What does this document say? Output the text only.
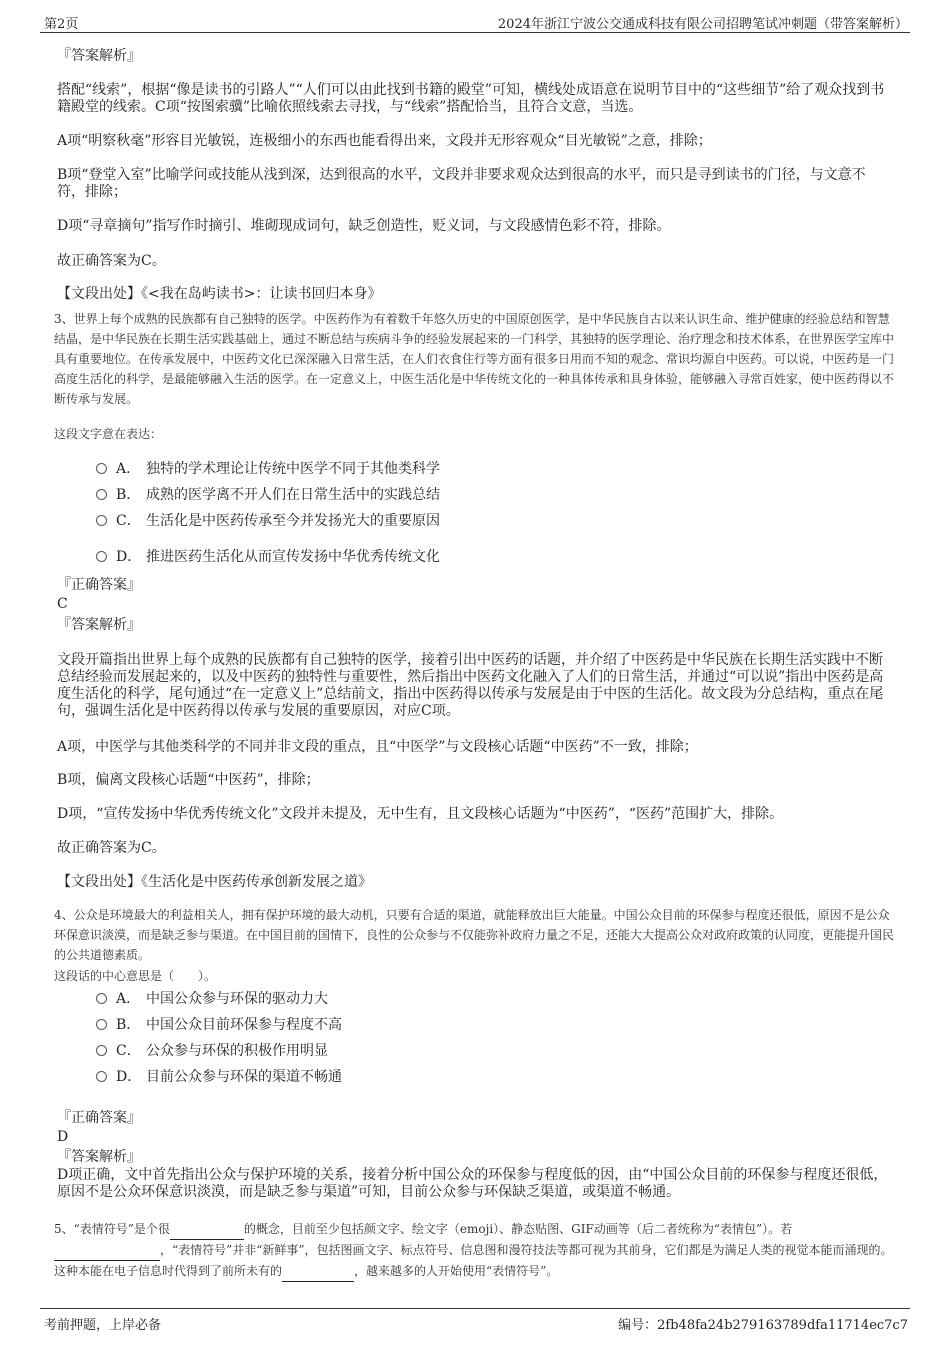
第2页	2024年浙江宁波公交通成科技有限公司招聘笔试冲刺题（带答案解析）
『答案解析』
搭配“线索”，根据“像是读书的引路人”“人们可以由此找到书籍的殿堂”可知，横线处成语意在说明节目中的“这些细节”给了观众找到书籍殿堂的线索。C项“按图索骥”比喻依照线索去寻找，与“线索”搭配恰当，且符合文意，当选。
A项“明察秋毫”形容目光敏锐，连极细小的东西也能看得出来，文段并无形容观众“目光敏锐”之意，排除；
B项“登堂入室”比喻学问或技能从浅到深，达到很高的水平，文段并非要求观众达到很高的水平，而只是寻到读书的门径，与文意不符，排除；
D项“寻章摘句”指写作时摘引、堆砌现成词句，缺乏创造性，贬义词，与文段感情色彩不符，排除。
故正确答案为C。
【文段出处】《<我在岛屿读书>：让读书回归本身》
3、世界上每个成熟的民族都有自己独特的医学。中医药作为有着数千年悠久历史的中国原创医学，是中华民族自古以来认识生命、维护健康的经验总结和智慧结晶，是中华民族在长期生活实践基础上，通过不断总结与疾病斗争的经验发展起来的一门科学，其独特的医学理论、治疗理念和技术体系，在世界医学宝库中具有重要地位。在传承发展中，中医药文化已深深融入日常生活，在人们衣食住行等方面有很多日用而不知的观念、常识均源自中医药。可以说，中医药是一门高度生活化的科学，是最能够融入生活的医学。在一定意义上，中医生活化是中华传统文化的一种具体传承和具身体验，能够融入寻常百姓家，使中医药得以不断传承与发展。
这段文字意在表达：
A． 独特的学术理论让传统中医学不同于其他类科学
B． 成熟的医学离不开人们在日常生活中的实践总结
C． 生活化是中医药传承至今并发扬光大的重要原因
D． 推进医药生活化从而宣传发扬中华优秀传统文化
『正确答案』
C
『答案解析』
文段开篇指出世界上每个成熟的民族都有自己独特的医学，接着引出中医药的话题，并介绍了中医药是中华民族在长期生活实践中不断总结经验而发展起来的，以及中医药的独特性与重要性，然后指出中医药文化融入了人们的日常生活，并通过“可以说”指出中医药是高度生活化的科学，尾句通过“在一定意义上”总结前文，指出中医药得以传承与发展是由于中医的生活化。故文段为分总结构，重点在尾句，强调生活化是中医药得以传承与发展的重要原因，对应C项。
A项，中医学与其他类科学的不同并非文段的重点，且“中医学”与文段核心话题“中医药”不一致，排除；
B项，偏离文段核心话题“中医药”，排除；
D项，“宣传发扬中华优秀传统文化”文段并未提及，无中生有，且文段核心话题为“中医药”，“医药”范围扩大，排除。
故正确答案为C。
【文段出处】《生活化是中医药传承创新发展之道》
4、公众是环境最大的利益相关人，拥有保护环境的最大动机，只要有合适的渠道，就能释放出巨大能量。中国公众目前的环保参与程度还很低，原因不是公众环保意识淡漠，而是缺乏参与渠道。在中国目前的国情下，良性的公众参与不仅能弥补政府力量之不足，还能大大提高公众对政府政策的认同度，更能提升国民的公共道德素质。
这段话的中心意思是（　　）。
A． 中国公众参与环保的驱动力大
B． 中国公众目前环保参与程度不高
C． 公众参与环保的积极作用明显
D． 目前公众参与环保的渠道不畅通
『正确答案』
D
『答案解析』
D项正确，文中首先指出公众与保护环境的关系，接着分析中国公众的环保参与程度低的因，由“中国公众目前的环保参与程度还很低，原因不是公众环保意识淡漠，而是缺乏参与渠道”可知，目前公众参与环保缺乏渠道，或渠道不畅通。
5、“表情符号”是个很	的概念，目前至少包括颜文字、绘文字（emoji）、静态贴图、GIF动画等（后二者统称为“表情包”）。若，“表情符号”并非“新鲜事”，包括图画文字、标点符号、信息图和漫符技法等都可视为其前身，它们都是为满足人类的视觉本能而涌现的。这种本能在电子信息时代得到了前所未有的	，越来越多的人开始使用“表情符号”。
考前押题，上岸必备	编号：2fb48fa24b279163789dfa11714ec7c7
